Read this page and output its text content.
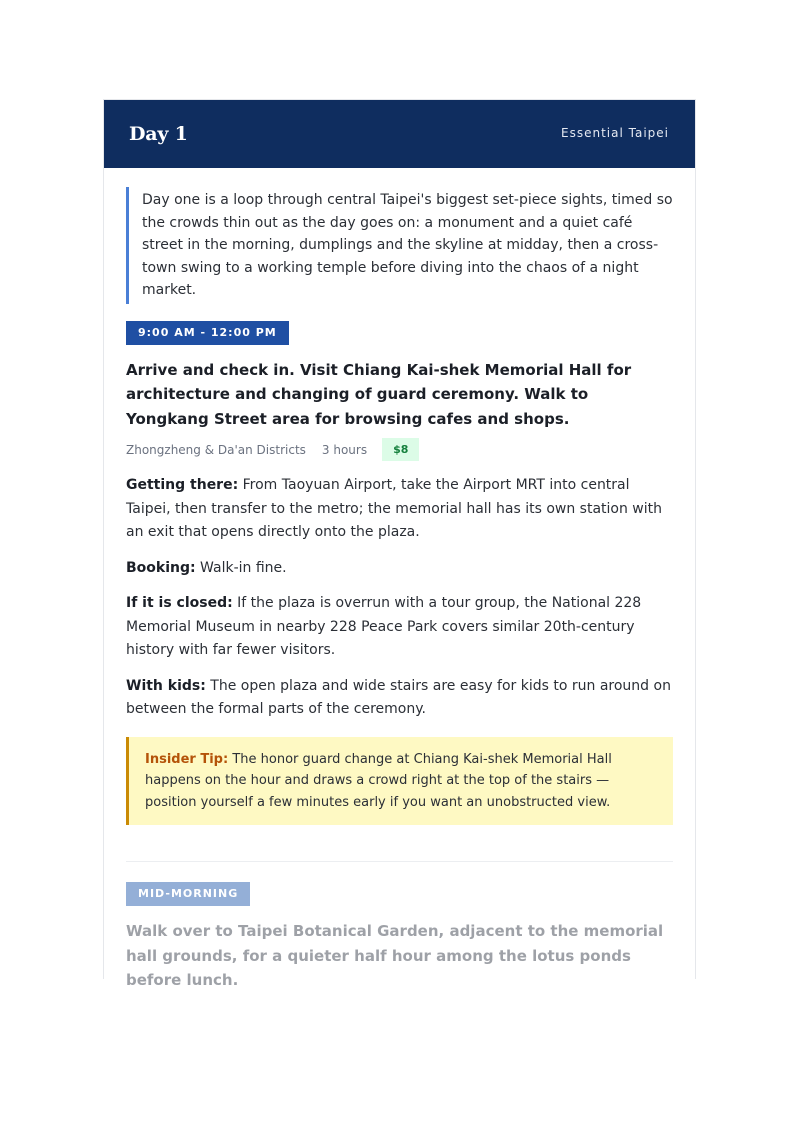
Day 1	Essential Taipei
Day one is a loop through central Taipei's biggest set-piece sights, timed so the crowds thin out as the day goes on: a monument and a quiet café street in the morning, dumplings and the skyline at midday, then a cross-town swing to a working temple before diving into the chaos of a night market.
9:00 AM - 12:00 PM
Arrive and check in. Visit Chiang Kai-shek Memorial Hall for architecture and changing of guard ceremony. Walk to Yongkang Street area for browsing cafes and shops.
Zhongzheng & Da'an Districts 3 hours	$8
Getting there: From Taoyuan Airport, take the Airport MRT into central Taipei, then transfer to the metro; the memorial hall has its own station with an exit that opens directly onto the plaza.
Booking: Walk-in fine.
If it is closed: If the plaza is overrun with a tour group, the National 228 Memorial Museum in nearby 228 Peace Park covers similar 20th-century history with far fewer visitors.
With kids: The open plaza and wide stairs are easy for kids to run around on between the formal parts of the ceremony.
Insider Tip: The honor guard change at Chiang Kai-shek Memorial Hall happens on the hour and draws a crowd right at the top of the stairs — position yourself a few minutes early if you want an unobstructed view.
MID-MORNING
Walk over to Taipei Botanical Garden, adjacent to the memorial hall grounds, for a quieter half hour among the lotus ponds before lunch.
